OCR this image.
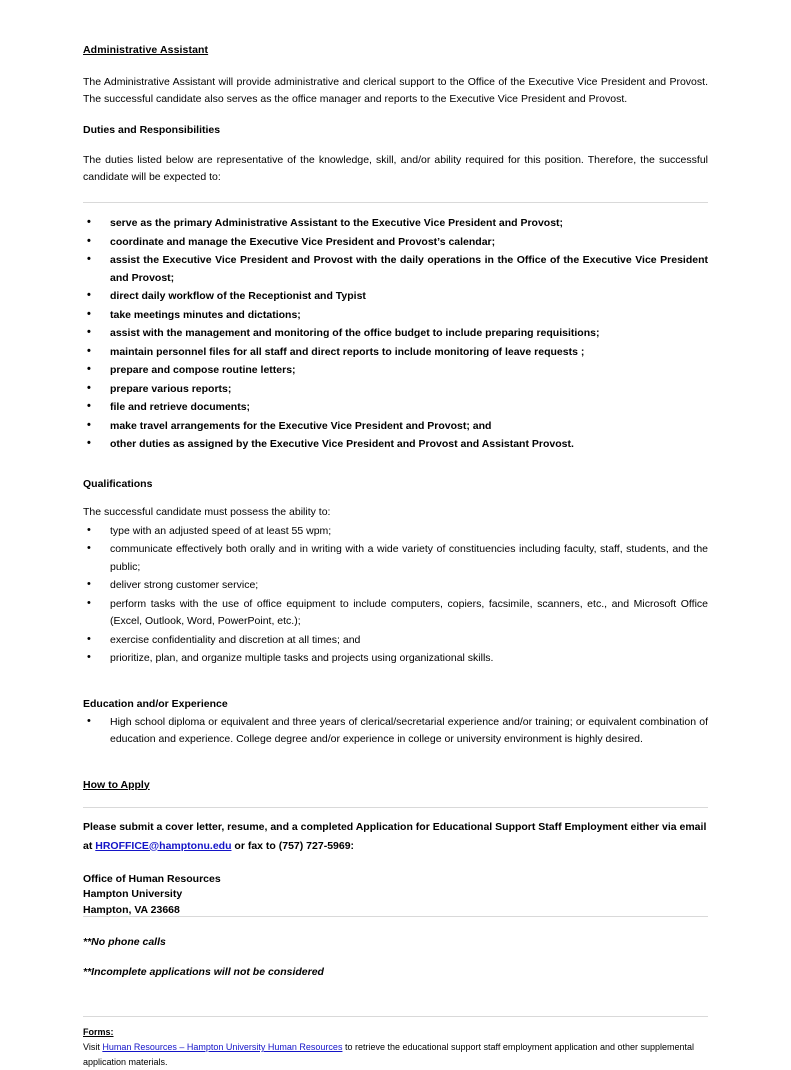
Administrative Assistant

The Administrative Assistant will provide administrative and clerical support to the Office of the Executive Vice President and Provost. The successful candidate also serves as the office manager and reports to the Executive Vice President and Provost.

Duties and Responsibilities

The duties listed below are representative of the knowledge, skill, and/or ability required for this position. Therefore, the successful candidate will be expected to:

• serve as the primary Administrative Assistant to the Executive Vice President and Provost;
• coordinate and manage the Executive Vice President and Provost’s calendar;
• assist the Executive Vice President and Provost with the daily operations in the Office of the Executive Vice President and Provost;
• direct daily workflow of the Receptionist and Typist
• take meetings minutes and dictations;
• assist with the management and monitoring of the office budget to include preparing requisitions;
• maintain personnel files for all staff and direct reports to include monitoring of leave requests ;
• prepare and compose routine letters;
• prepare various reports;
• file and retrieve documents;
• make travel arrangements for the Executive Vice President and Provost; and
• other duties as assigned by the Executive Vice President and Provost and Assistant Provost.
Qualifications

The successful candidate must possess the ability to:

• type with an adjusted speed of at least 55 wpm;
• communicate effectively both orally and in writing with a wide variety of constituencies including faculty, staff, students, and the public;
• deliver strong customer service;
• perform tasks with the use of office equipment to include computers, copiers, facsimile, scanners, etc., and Microsoft Office (Excel, Outlook, Word, PowerPoint, etc.);
• exercise confidentiality and discretion at all times; and
• prioritize, plan, and organize multiple tasks and projects using organizational skills.
Education and/or Experience
• High school diploma or equivalent and three years of clerical/secretarial experience and/or training; or equivalent combination of education and experience. College degree and/or experience in college or university environment is highly desired.
How to Apply

Please submit a cover letter, resume, and a completed Application for Educational Support Staff Employment either via email at HROFFICE@hamptonu.edu or fax to (757) 727-5969:

Office of Human Resources
Hampton University
Hampton, VA 23668
**No phone calls
**Incomplete applications will not be considered
Forms:

Visit Human Resources – Hampton University Human Resources to retrieve the educational support staff employment application and other supplemental application materials.
